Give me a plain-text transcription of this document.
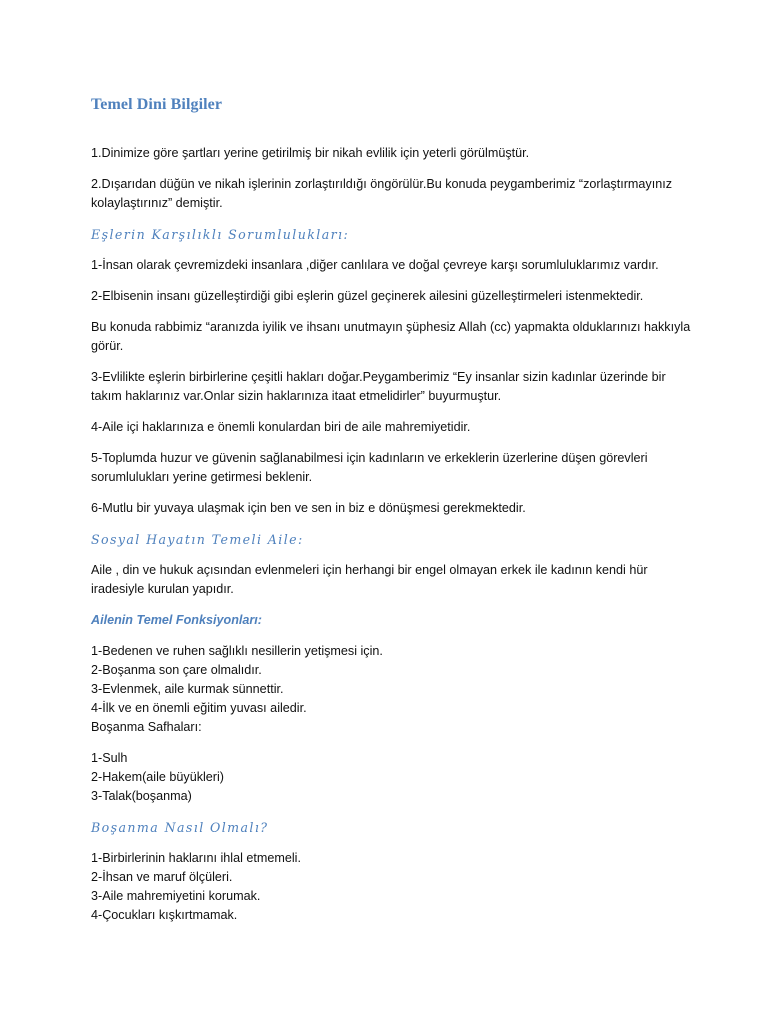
Temel Dini Bilgiler

1.Dinimize göre şartları yerine getirilmiş bir nikah evlilik için yeterli görülmüştür.

2.Dışarıdan düğün ve nikah işlerinin zorlaştırıldığı öngörülür.Bu konuda peygamberimiz “zorlaştırmayınız kolaylaştırınız” demiştir.

Eşlerin Karşılıklı Sorumlulukları:

1-İnsan olarak çevremizdeki insanlara ,diğer canlılara ve doğal çevreye karşı sorumluluklarımız vardır.

2-Elbisenin insanı güzelleştirdiği gibi eşlerin güzel geçinerek ailesini güzelleştirmeleri istenmektedir.

Bu konuda rabbimiz “aranızda iyilik ve ihsanı unutmayın şüphesiz Allah (cc) yapmakta olduklarınızı hakkıyla görür.

3-Evlilikte eşlerin birbirlerine çeşitli hakları doğar.Peygamberimiz “Ey insanlar sizin kadınlar üzerinde bir takım haklarınız var.Onlar sizin haklarınıza itaat etmelidirler” buyurmuştur.

4-Aile içi haklarınıza e önemli konulardan biri de aile mahremiyetidir.

5-Toplumda huzur ve güvenin sağlanabilmesi için kadınların ve erkeklerin üzerlerine düşen görevleri sorumlulukları yerine getirmesi beklenir.

6-Mutlu bir yuvaya ulaşmak için ben ve sen in biz e dönüşmesi gerekmektedir.

Sosyal Hayatın Temeli Aile:

Aile , din ve hukuk açısından evlenmeleri için herhangi bir engel olmayan erkek ile kadının kendi hür iradesiyle kurulan yapıdır.

Ailenin Temel Fonksiyonları:

1-Bedenen ve ruhen sağlıklı nesillerin yetişmesi için.

2-Boşanma son çare olmalıdır.

3-Evlenmek, aile kurmak sünnettir.

4-İlk ve en önemli eğitim yuvası ailedir.

Boşanma Safhaları:

1-Sulh

2-Hakem(aile büyükleri)

3-Talak(boşanma)

Boşanma Nasıl Olmalı?

1-Birbirlerinin haklarını ihlal etmemeli.

2-İhsan ve maruf ölçüleri.

3-Aile mahremiyetini korumak.

4-Çocukları kışkırtmamak.
